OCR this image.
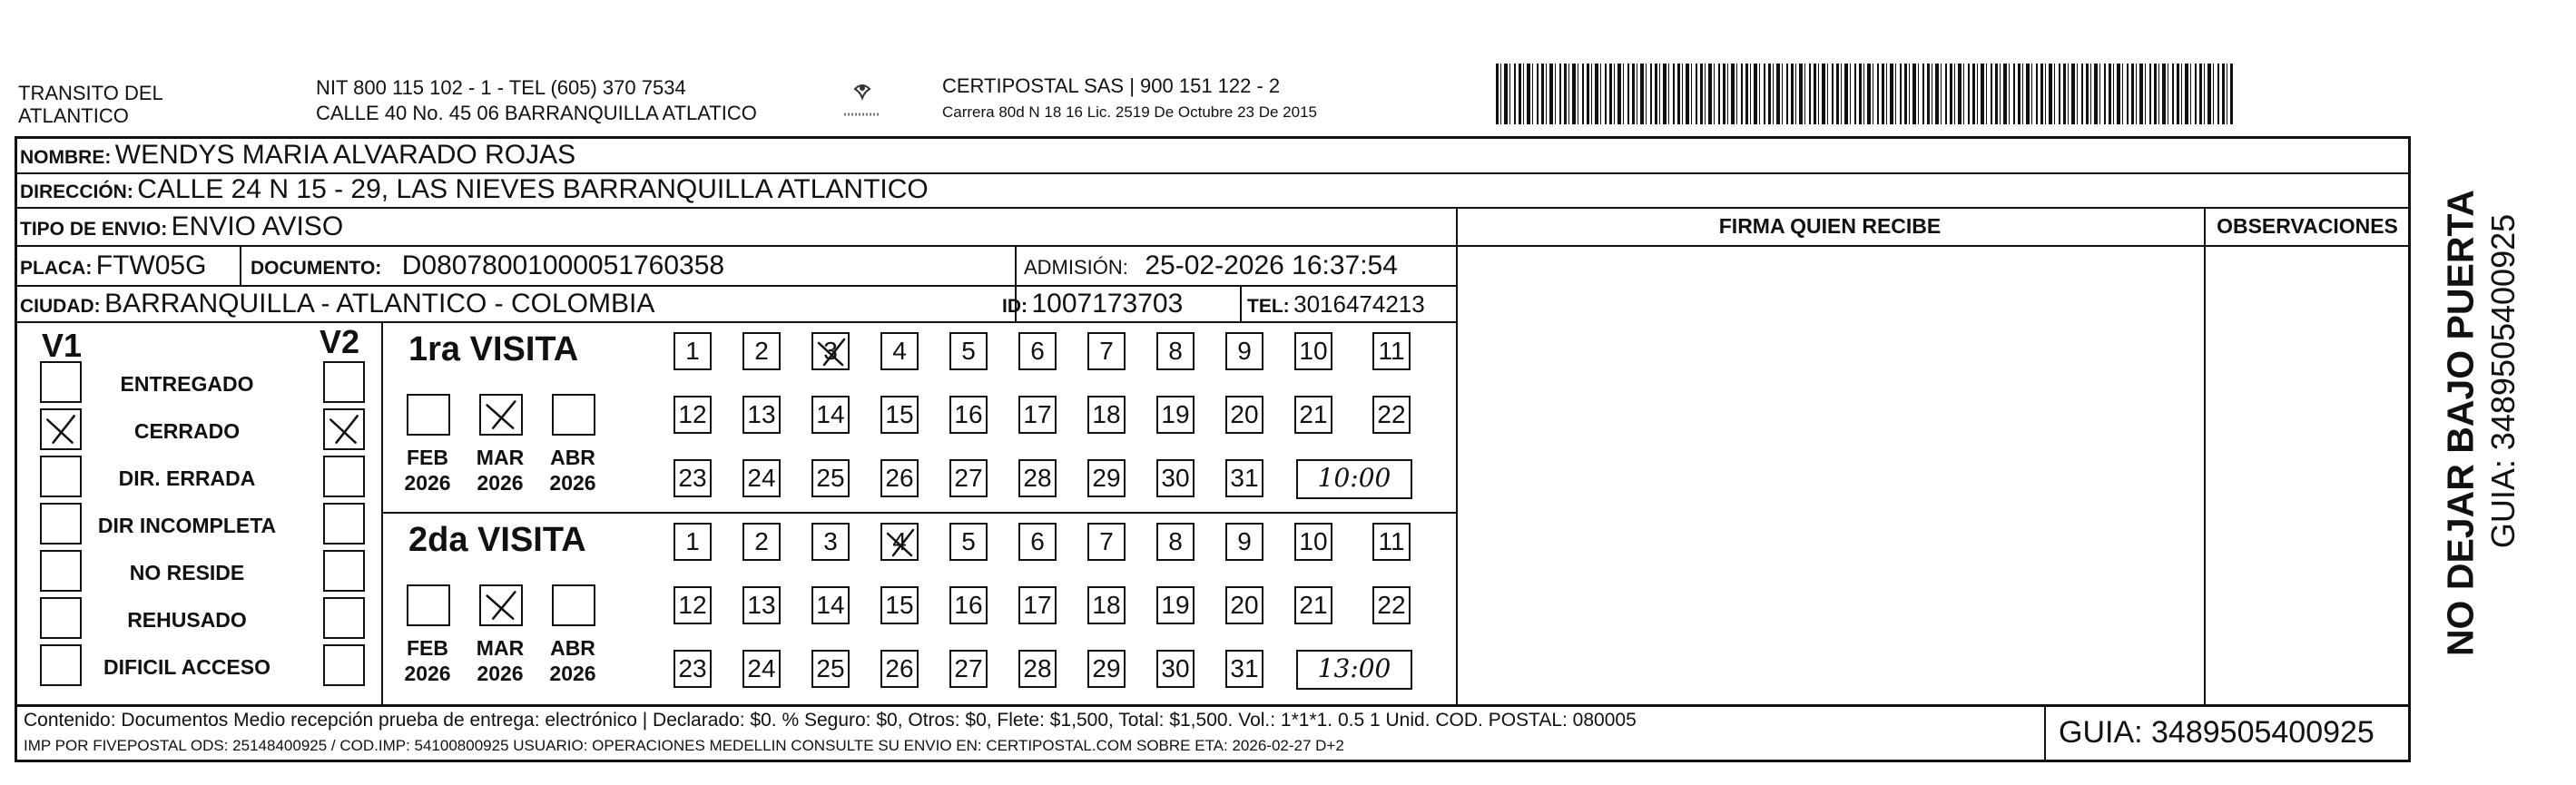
TRANSITO DEL
ATLANTICO
NIT 800 115 102 - 1 - TEL (605) 370 7534
CALLE 40 No. 45 06 BARRANQUILLA ATLATICO
CERTIPOSTAL SAS | 900 151 122 - 2
Carrera 80d N 18 16 Lic. 2519 De Octubre 23 De 2015
NOMBRE: WENDYS MARIA ALVARADO ROJAS
DIRECCIÓN: CALLE 24 N 15 - 29, LAS NIEVES BARRANQUILLA ATLANTICO
TIPO DE ENVIO: ENVIO AVISO
PLACA: FTW05G DOCUMENTO: D08078001000051760358	ADMISIÓN: 25-02-2026 16:37:54
CIUDAD: BARRANQUILLA - ATLANTICO - COLOMBIA	ID: 1007173703	TEL: 3016474213
FIRMA QUIEN RECIBE	OBSERVACIONES
V1	V2
ENTREGADO
CERRADO
DIR. ERRADA
DIR INCOMPLETA
NO RESIDE
REHUSADO
DIFICIL ACCESO
1ra VISITA
FEB
2026
MAR
2026
ABR
2026
1	2	3	4	5	6	7	8	9	10 11
12 13 14 15 16 17 18 19 20 21 22
23 24 25 26 27 28 29 30 31	10:00
2da VISITA
FEB
2026
MAR
2026
ABR
2026
1	2	3	4	5	6	7	8	9	10 11
12 13 14 15 16 17 18 19 20 21 22
23 24 25 26 27 28 29 30 31	13:00
Contenido: Documentos Medio recepción prueba de entrega: electrónico | Declarado: $0. % Seguro: $0, Otros: $0, Flete: $1,500, Total: $1,500. Vol.: 1*1*1. 0.5 1 Unid. COD. POSTAL: 080005
IMP POR FIVEPOSTAL ODS: 25148400925 / COD.IMP: 54100800925 USUARIO: OPERACIONES MEDELLIN CONSULTE SU ENVIO EN: CERTIPOSTAL.COM SOBRE ETA: 2026-02-27 D+2	GUIA: 3489505400925
NO DEJAR BAJO PUERTA GUIA: 3489505400925
